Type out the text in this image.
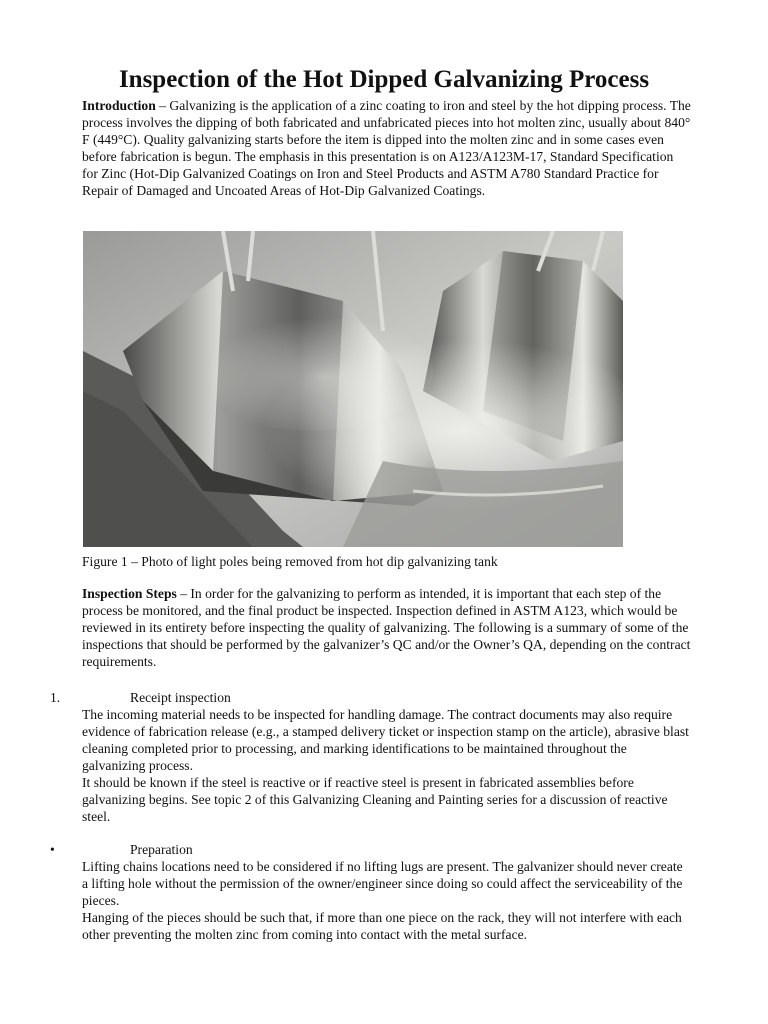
Inspection of the Hot Dipped Galvanizing Process

Introduction – Galvanizing is the application of a zinc coating to iron and steel by the hot dipping process. The process involves the dipping of both fabricated and unfabricated pieces into hot molten zinc, usually about 840° F (449°C). Quality galvanizing starts before the item is dipped into the molten zinc and in some cases even before fabrication is begun. The emphasis in this presentation is on A123/A123M-17, Standard Specification for Zinc (Hot-Dip Galvanized Coatings on Iron and Steel Products and ASTM A780 Standard Practice for Repair of Damaged and Uncoated Areas of Hot-Dip Galvanized Coatings.

Figure 1 – Photo of light poles being removed from hot dip galvanizing tank

Inspection Steps – In order for the galvanizing to perform as intended, it is important that each step of the process be monitored, and the final product be inspected. Inspection defined in ASTM A123, which would be reviewed in its entirety before inspecting the quality of galvanizing. The following is a summary of some of the inspections that should be performed by the galvanizer’s QC and/or the Owner’s QA, depending on the contract requirements.

1.	Receipt inspection

The incoming material needs to be inspected for handling damage. The contract documents may also require evidence of fabrication release (e.g., a stamped delivery ticket or inspection stamp on the article), abrasive blast cleaning completed prior to processing, and marking identifications to be maintained throughout the galvanizing process.

It should be known if the steel is reactive or if reactive steel is present in fabricated assemblies before galvanizing begins. See topic 2 of this Galvanizing Cleaning and Painting series for a discussion of reactive steel.

•	Preparation

Lifting chains locations need to be considered if no lifting lugs are present. The galvanizer should never create a lifting hole without the permission of the owner/engineer since doing so could affect the serviceability of the pieces.

Hanging of the pieces should be such that, if more than one piece on the rack, they will not interfere with each other preventing the molten zinc from coming into contact with the metal surface.
